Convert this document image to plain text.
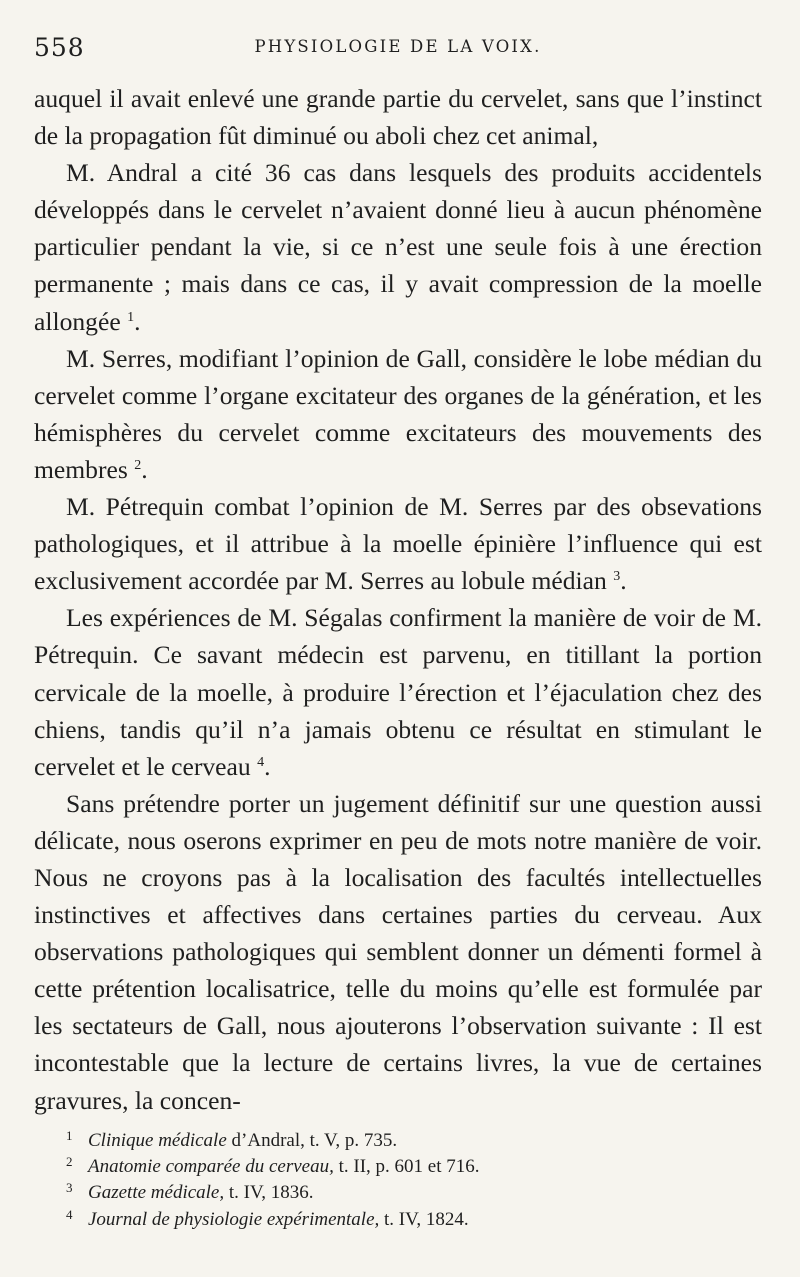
558	PHYSIOLOGIE DE LA VOIX.

auquel il avait enlevé une grande partie du cervelet, sans que l’instinct de la propagation fût diminué ou aboli chez cet animal,

M. Andral a cité 36 cas dans lesquels des produits accidentels développés dans le cervelet n’avaient donné lieu à aucun phénomène particulier pendant la vie, si ce n’est une seule fois à une érection permanente ; mais dans ce cas, il y avait compression de la moelle allongée $^1$.

M. Serres, modifiant l’opinion de Gall, considère le lobe médian du cervelet comme l’organe excitateur des organes de la génération, et les hémisphères du cervelet comme excitateurs des mouvements des membres $^2$.

M. Pétrequin combat l’opinion de M. Serres par des obsevations pathologiques, et il attribue à la moelle épinière l’influence qui est exclusivement accordée par M. Serres au lobule médian $^3$.

Les expériences de M. Ségalas confirment la manière de voir de M. Pétrequin. Ce savant médecin est parvenu, en titillant la portion cervicale de la moelle, à produire l’érection et l’éjaculation chez des chiens, tandis qu’il n’a jamais obtenu ce résultat en stimulant le cervelet et le cerveau $^4$.

Sans prétendre porter un jugement définitif sur une question aussi délicate, nous oserons exprimer en peu de mots notre manière de voir. Nous ne croyons pas à la localisation des facultés intellectuelles instinctives et affectives dans certaines parties du cerveau. Aux observations pathologiques qui semblent donner un démenti formel à cette prétention localisatrice, telle du moins qu’elle est formulée par les sectateurs de Gall, nous ajouterons l’observation suivante : Il est incontestable que la lecture de certains livres, la vue de certaines gravures, la concen-

1 Clinique médicale d’Andral, t. V, p. 735.

2 Anatomie comparée du cerveau, t. II, p. 601 et 716.

3 Gazette médicale, t. IV, 1836.

4 Journal de physiologie expérimentale, t. IV, 1824.
